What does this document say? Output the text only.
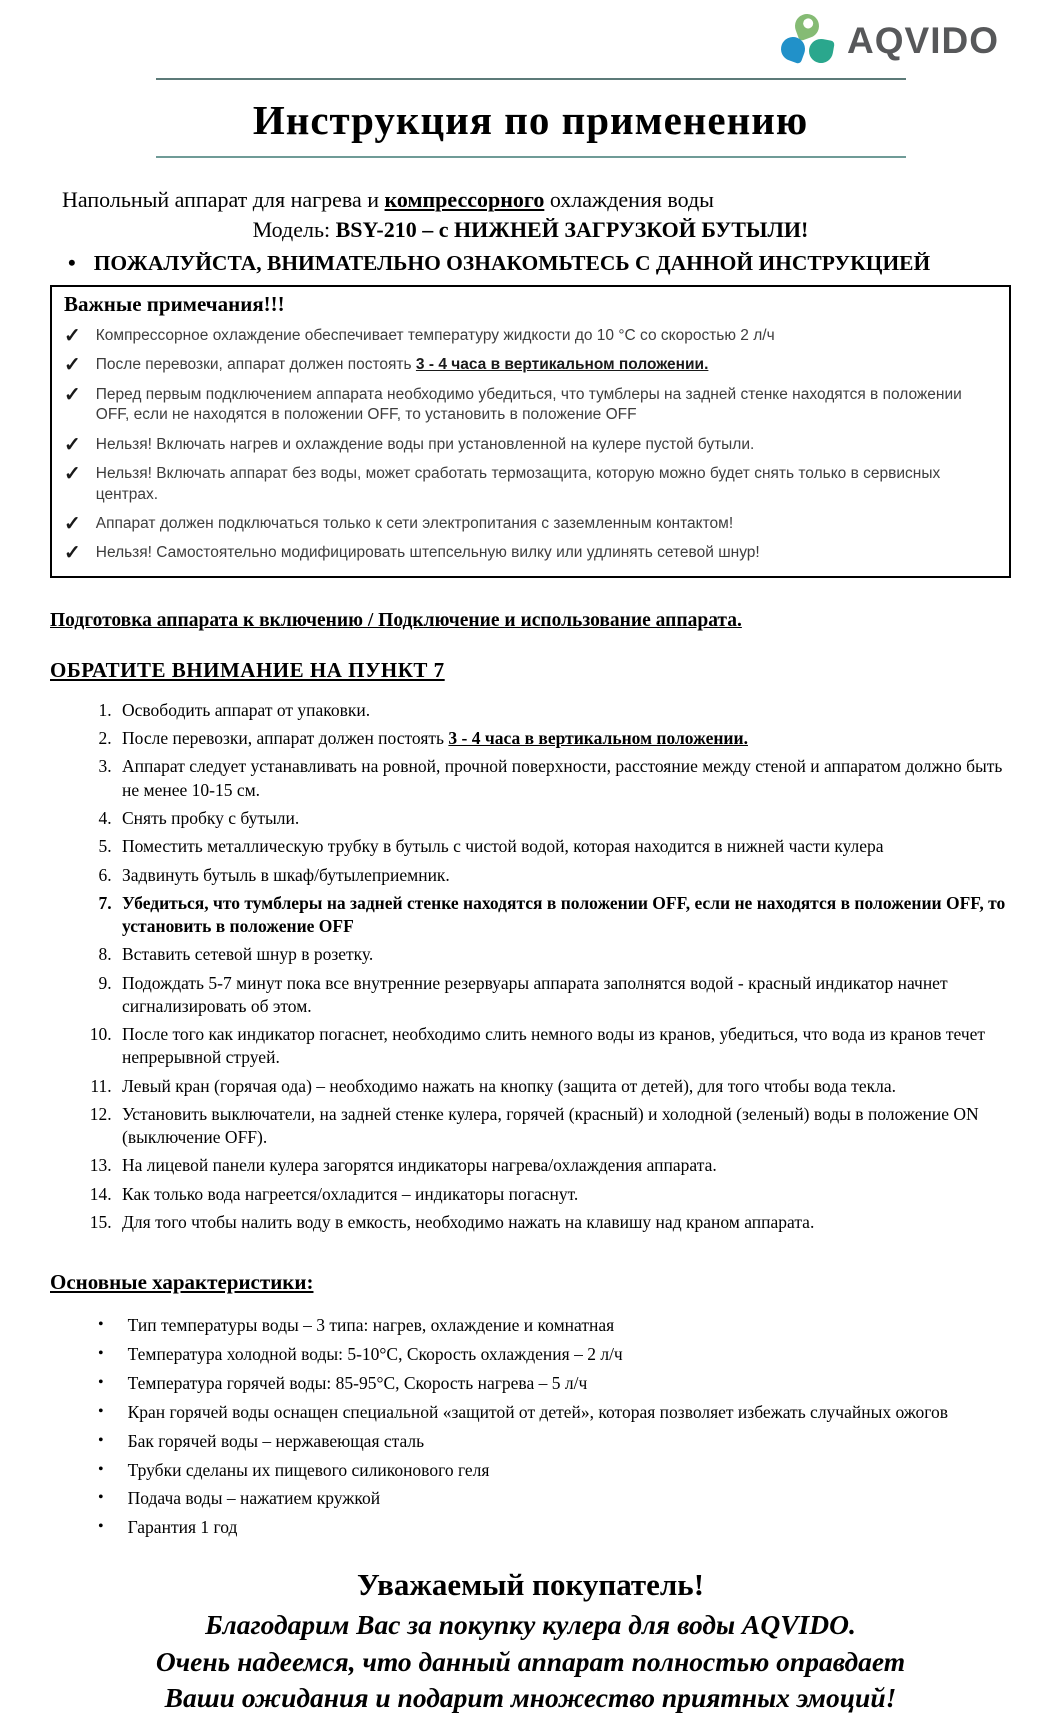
AQVIDO
Инструкция по применению
Напольный аппарат для нагрева и компрессорного охлаждения воды
Модель: BSY-210 – с НИЖНЕЙ ЗАГРУЗКОЙ БУТЫЛИ!
• ПОЖАЛУЙСТА, ВНИМАТЕЛЬНО ОЗНАКОМЬТЕСЬ С ДАННОЙ ИНСТРУКЦИЕЙ
Важные примечания!!!
✓ Компрессорное охлаждение обеспечивает температуру жидкости до 10 °С со скоростью 2 л/ч
✓ После перевозки, аппарат должен постоять 3 - 4 часа в вертикальном положении.
✓ Перед первым подключением аппарата необходимо убедиться, что тумблеры на задней стенке находятся в положении OFF, если не находятся в положении OFF, то установить в положение OFF
✓ Нельзя! Включать нагрев и охлаждение воды при установленной на кулере пустой бутыли.
✓ Нельзя! Включать аппарат без воды, может сработать термозащита, которую можно будет снять только в сервисных центрах.
✓ Аппарат должен подключаться только к сети электропитания с заземленным контактом!
✓ Нельзя! Самостоятельно модифицировать штепсельную вилку или удлинять сетевой шнур!
Подготовка аппарата к включению / Подключение и использование аппарата.
ОБРАТИТЕ ВНИМАНИЕ НА ПУНКТ 7
1. Освободить аппарат от упаковки.
2. После перевозки, аппарат должен постоять 3 - 4 часа в вертикальном положении.
3. Аппарат следует устанавливать на ровной, прочной поверхности, расстояние между стеной и аппаратом должно быть не менее 10-15 см.
4. Снять пробку с бутыли.
5. Поместить металлическую трубку в бутыль с чистой водой, которая находится в нижней части кулера
6. Задвинуть бутыль в шкаф/бутылеприемник.
7. Убедиться, что тумблеры на задней стенке находятся в положении OFF, если не находятся в положении OFF, то установить в положение OFF
8. Вставить сетевой шнур в розетку.
9. Подождать 5-7 минут пока все внутренние резервуары аппарата заполнятся водой - красный индикатор начнет сигнализировать об этом.
10. После того как индикатор погаснет, необходимо слить немного воды из кранов, убедиться, что вода из кранов течет непрерывной струей.
11. Левый кран (горячая ода) – необходимо нажать на кнопку (защита от детей), для того чтобы вода текла.
12. Установить выключатели, на задней стенке кулера, горячей (красный) и холодной (зеленый) воды в положение ON (выключение OFF).
13. На лицевой панели кулера загорятся индикаторы нагрева/охлаждения аппарата.
14. Как только вода нагреется/охладится – индикаторы погаснут.
15. Для того чтобы налить воду в емкость, необходимо нажать на клавишу над краном аппарата.
Основные характеристики:
• Тип температуры воды – 3 типа: нагрев, охлаждение и комнатная
• Температура холодной воды: 5-10°С, Скорость охлаждения – 2 л/ч
• Температура горячей воды: 85-95°С, Скорость нагрева – 5 л/ч
• Кран горячей воды оснащен специальной «защитой от детей», которая позволяет избежать случайных ожогов
• Бак горячей воды – нержавеющая сталь
• Трубки сделаны их пищевого силиконового геля
• Подача воды – нажатием кружкой
• Гарантия 1 год
Уважаемый покупатель!
Благодарим Вас за покупку кулера для воды AQVIDO.
Очень надеемся, что данный аппарат полностью оправдает
Ваши ожидания и подарит множество приятных эмоций!
